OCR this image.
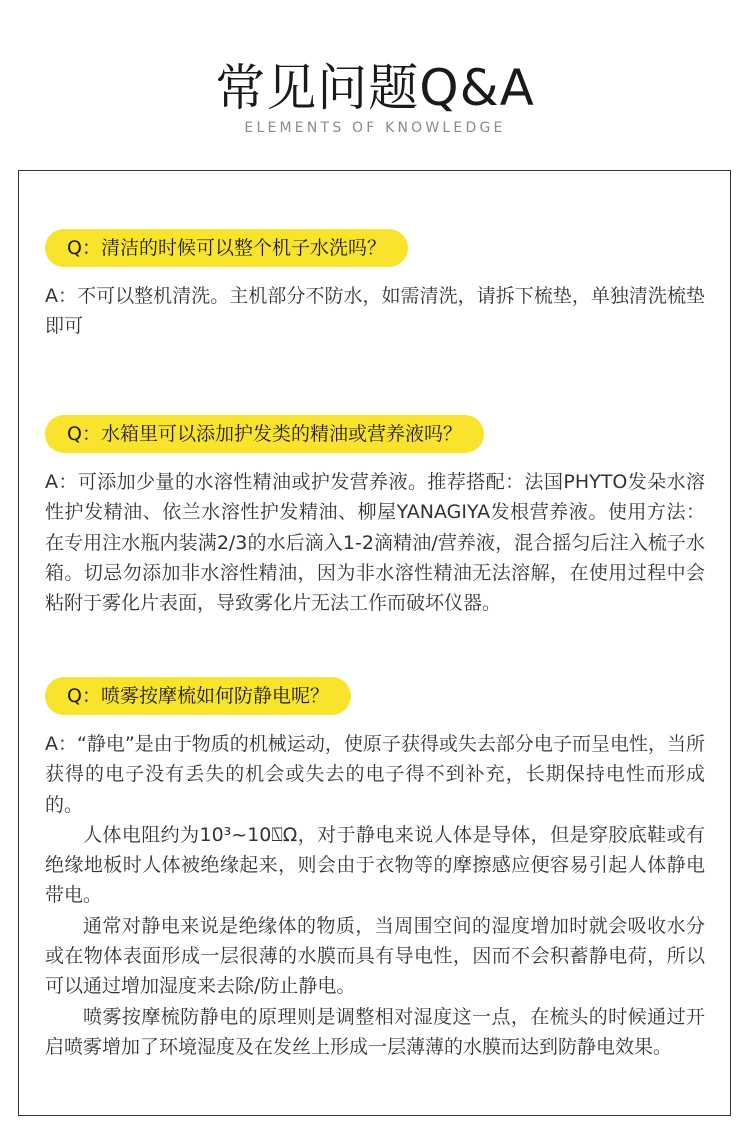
常见问题Q&A
ELEMENTS OF KNOWLEDGE
Q：清洁的时候可以整个机子水洗吗？
A：不可以整机清洗。主机部分不防水，如需清洗，请拆下梳垫，单独清洗梳垫即可
Q：水箱里可以添加护发类的精油或营养液吗？
A：可添加少量的水溶性精油或护发营养液。推荐搭配：法国PHYTO发朵水溶性护发精油、依兰水溶性护发精油、柳屋YANAGIYA发根营养液。使用方法：在专用注水瓶内装满2/3的水后滴入1-2滴精油/营养液，混合摇匀后注入梳子水箱。切忌勿添加非水溶性精油，因为非水溶性精油无法溶解，在使用过程中会粘附于雾化片表面，导致雾化片无法工作而破坏仪器。
Q：喷雾按摩梳如何防静电呢？
A：“静电”是由于物质的机械运动，使原子获得或失去部分电子而呈电性，当所获得的电子没有丢失的机会或失去的电子得不到补充，长期保持电性而形成的。
人体电阻约为10³~10⍂Ω，对于静电来说人体是导体，但是穿胶底鞋或有绝缘地板时人体被绝缘起来，则会由于衣物等的摩擦感应便容易引起人体静电带电。
通常对静电来说是绝缘体的物质，当周围空间的湿度增加时就会吸收水分或在物体表面形成一层很薄的水膜而具有导电性，因而不会积蓄静电荷，所以可以通过增加湿度来去除/防止静电。
喷雾按摩梳防静电的原理则是调整相对湿度这一点，在梳头的时候通过开启喷雾增加了环境湿度及在发丝上形成一层薄薄的水膜而达到防静电效果。
